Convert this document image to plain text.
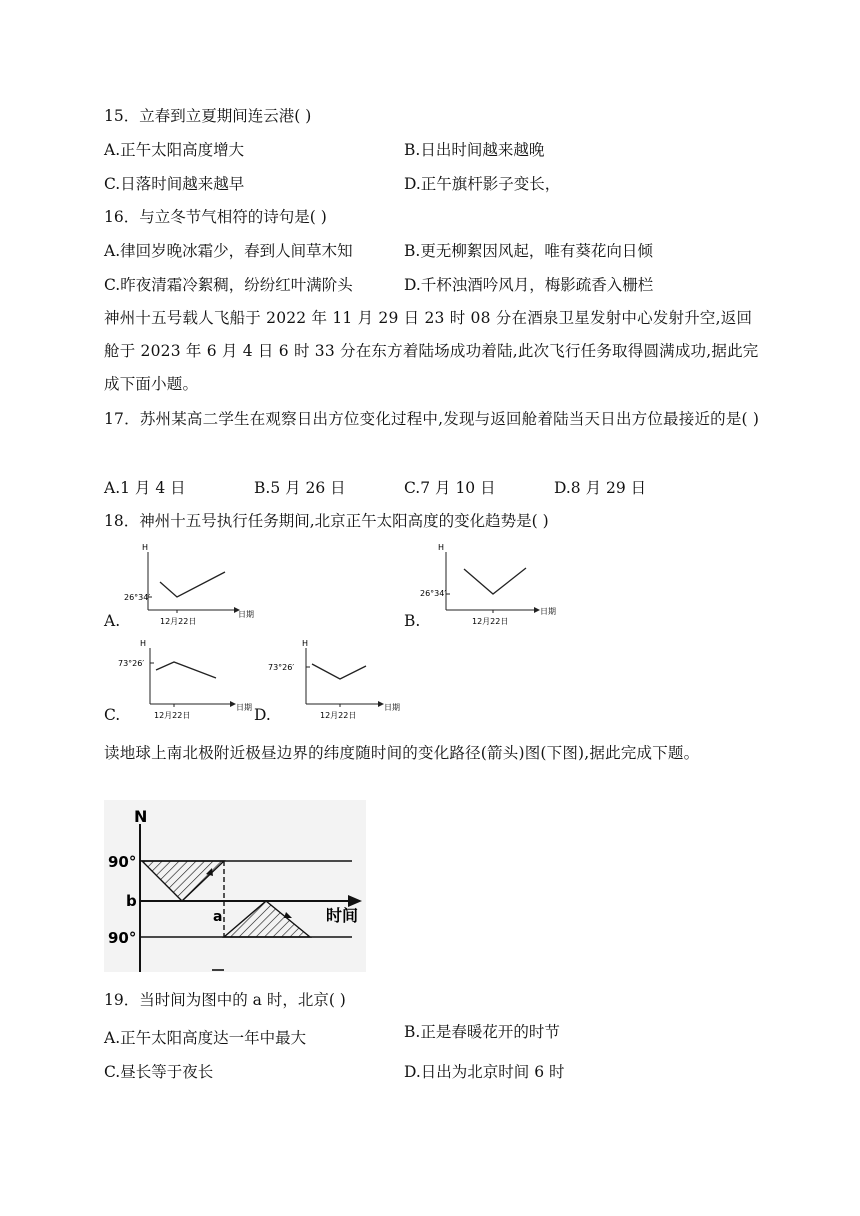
15．立春到立夏期间连云港( )
A.正午太阳高度增大	B.日出时间越来越晚
C.日落时间越来越早	D.正午旗杆影子变长，
16．与立冬节气相符的诗句是( )
A.律回岁晚冰霜少，春到人间草木知	B.更无柳絮因风起，唯有葵花向日倾
C.昨夜清霜冷絮稠，纷纷红叶满阶头	D.千杯浊酒吟风月，梅影疏香入栅栏
神州十五号载人飞船于 2022 年 11 月 29 日 23 时 08 分在酒泉卫星发射中心发射升空,返回舱于 2023 年 6 月 4 日 6 时 33 分在东方着陆场成功着陆,此次飞行任务取得圆满成功,据此完成下面小题。
17．苏州某高二学生在观察日出方位变化过程中,发现与返回舱着陆当天日出方位最接近的是( )
A.1 月 4 日	B.5 月 26 日	C.7 月 10 日	D.8 月 29 日
18．神州十五号执行任务期间,北京正午太阳高度的变化趋势是( )
H
日期
26°34′
12月22日
A.
H
日期
26°34′
12月22日
B.
H
日期
73°26′
12月22日
C.
H
日期
73°26′
12月22日
D.
读地球上南北极附近极昼边界的纬度随时间的变化路径(箭头)图(下图),据此完成下题。
N
90°
b
时间
90°
a
19．当时间为图中的 a 时，北京( )
A.正午太阳高度达一年中最大	B.正是春暖花开的时节
C.昼长等于夜长	D.日出为北京时间 6 时
